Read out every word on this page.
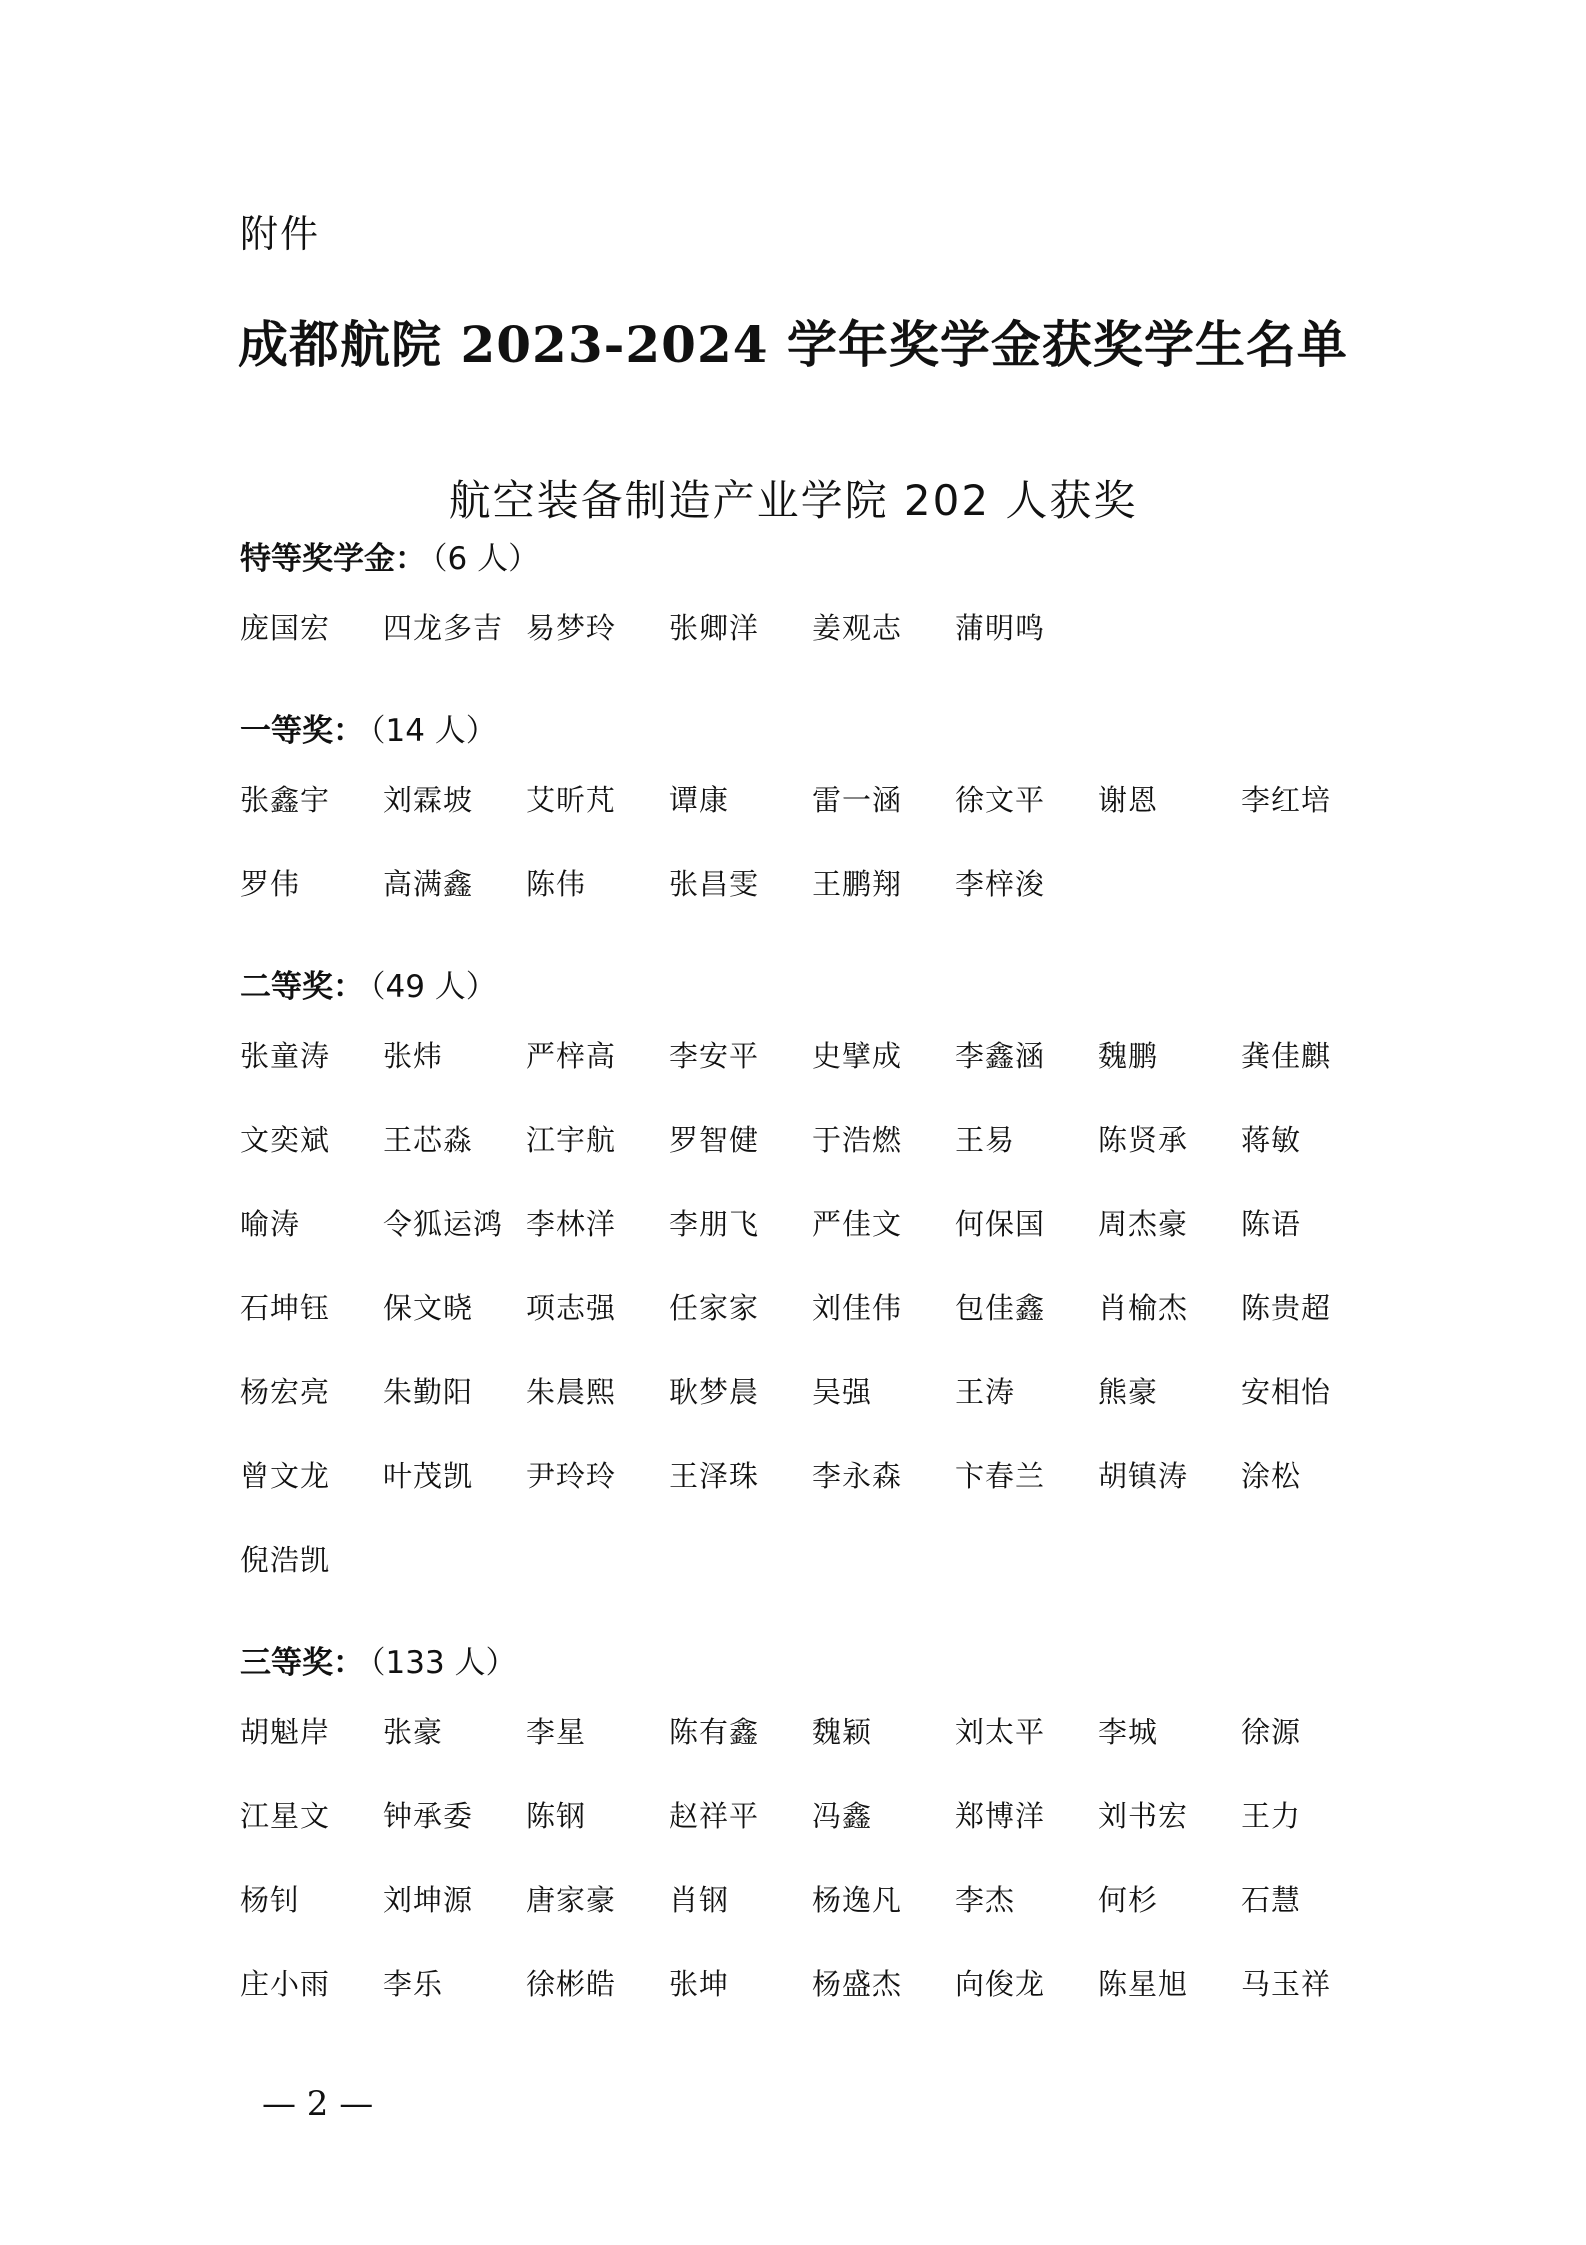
附件
成都航院 2023-2024 学年奖学金获奖学生名单
航空装备制造产业学院 202 人获奖
特等奖学金： （6 人）
庞国宏	四龙多吉 易梦玲	张卿洋	姜观志	蒲明鸣
一等奖： （14 人）
张鑫宇	刘霖坡	艾昕芃	谭康	雷一涵	徐文平	谢恩	李红培
罗伟	高满鑫	陈伟	张昌雯	王鹏翔	李梓浚
二等奖： （49 人）
张童涛	张炜	严梓高	李安平	史擘成	李鑫涵	魏鹏	龚佳麒
文奕斌	王芯淼	江宇航	罗智健	于浩燃	王易	陈贤承	蒋敏
喻涛	令狐运鸿 李林洋	李朋飞	严佳文	何保国	周杰豪	陈语
石坤钰	保文晓	项志强	任家家	刘佳伟	包佳鑫	肖榆杰	陈贵超
杨宏亮	朱勤阳	朱晨熙	耿梦晨	吴强	王涛	熊豪	安相怡
曾文龙	叶茂凯	尹玲玲	王泽珠	李永森	卞春兰	胡镇涛	涂松
倪浩凯
三等奖： （133 人）
胡魁岸	张豪	李星	陈有鑫	魏颖	刘太平	李城	徐源
江星文	钟承委	陈钢	赵祥平	冯鑫	郑博洋	刘书宏	王力
杨钊	刘坤源	唐家豪	肖钢	杨逸凡	李杰	何杉	石慧
庄小雨	李乐	徐彬皓	张坤	杨盛杰	向俊龙	陈星旭	马玉祥
— 2 —
